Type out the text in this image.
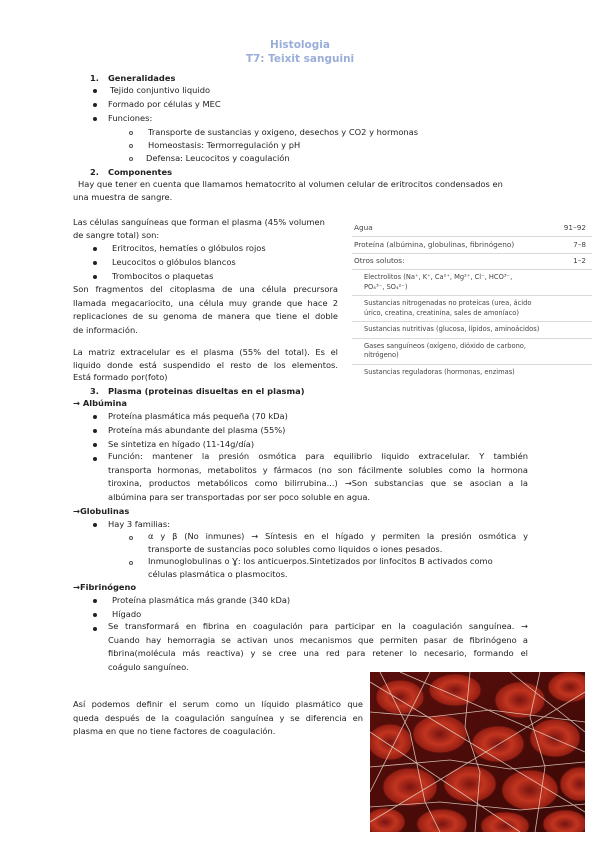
Histologia
T7: Teixit sanguini
1. Generalidades
Tejido conjuntivo liquido
Formado por células y MEC
Funciones:
Transporte de sustancias y oxigeno, desechos y CO2 y hormonas
Homeostasis: Termorregulación y pH
Defensa: Leucocitos y coagulación
2. Componentes
Hay que tener en cuenta que llamamos hematocrito al volumen celular de eritrocitos condensados en
una muestra de sangre.
Las células sanguíneas que forman el plasma (45% volumen
de sangre total) son:
Eritrocitos, hematíes o glóbulos rojos
Leucocitos o glóbulos blancos
Trombocitos o plaquetas
Son fragmentos del citoplasma de una célula precursora
llamada megacariocito, una célula muy grande que hace 2
replicaciones de su genoma de manera que tiene el doble
de información.
La matriz extracelular es el plasma (55% del total). Es el
liquido donde está suspendido el resto de los elementos.
Está formado por(foto)
Agua	91–92
Proteína (albúmina, globulinas, fibrinógeno)	7–8
Otros solutos:	1–2
Electrolitos (Na⁺, K⁺, Ca²⁺, Mg²⁺, Cl⁻, HCO³⁻,
PO₄³⁻, SO₄²⁻)
Sustancias nitrogenadas no proteicas (urea, ácido
úrico, creatina, creatinina, sales de amoníaco)
Sustancias nutritivas (glucosa, lípidos, aminoácidos)
Gases sanguíneos (oxígeno, dióxido de carbono,
nitrógeno)
Sustancias reguladoras (hormonas, enzimas)
3. Plasma (proteinas disueltas en el plasma)
→ Albúmina
Proteína plasmática más pequeña (70 kDa)
Proteína más abundante del plasma (55%)
Se sintetiza en hígado (11-14g/día)
Función: mantener la presión osmótica para equilibrio liquido extracelular. Y también
transporta hormonas, metabolitos y fármacos (no son fácilmente solubles como la hormona
tiroxina, productos metabólicos como bilirrubina...) →Son substancias que se asocian a la
albúmina para ser transportadas por ser poco soluble en agua.
→Globulinas
Hay 3 familias:
α y β (No inmunes) → Síntesis en el hígado y permiten la presión osmótica y
transporte de sustancias poco solubles como liquidos o iones pesados.
Inmunoglobulinas o Ɣ: los anticuerpos.Sintetizados por linfocitos B activados como
células plasmática o plasmocitos.
→Fibrinógeno
Proteína plasmática más grande (340 kDa)
Hígado
Se transformará en fibrina en coagulación para participar en la coagulación sanguínea. →
Cuando hay hemorragia se activan unos mecanismos que permiten pasar de fibrinógeno a
fibrina(molécula más reactiva) y se cree una red para retener lo necesario, formando el
coágulo sanguíneo.
Así podemos definir el serum como un líquido plasmático que
queda después de la coagulación sanguínea y se diferencia en
plasma en que no tiene factores de coagulación.
